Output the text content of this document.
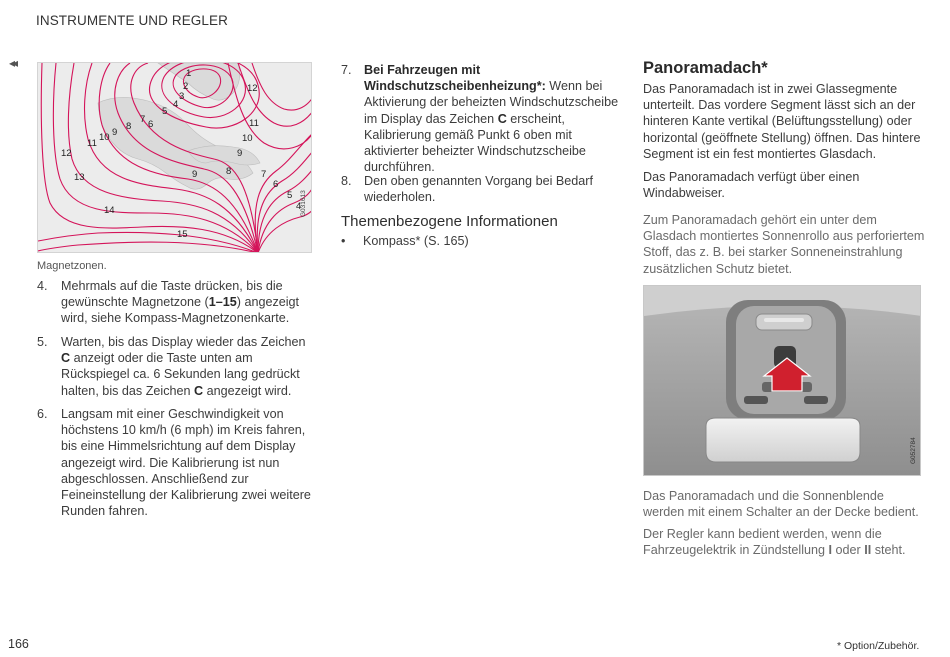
INSTRUMENTE UND REGLER
◂◂
1
2
3
4
5
6
7
8
9
10
11
12
11
10
9
12
13
14
15
9	8	7
6
5
4
G031613
Magnetzonen.
4.	Mehrmals auf die Taste drücken, bis die gewünschte Magnetzone (1–15) angezeigt wird, siehe Kompass-Magnetzonenkarte.
5.	Warten, bis das Display wieder das Zeichen C anzeigt oder die Taste unten am Rückspiegel ca. 6 Sekunden lang gedrückt halten, bis das Zeichen C angezeigt wird.
6.	Langsam mit einer Geschwindigkeit von höchstens 10 km/h (6 mph) im Kreis fahren, bis eine Himmelsrichtung auf dem Display angezeigt wird. Die Kalibrierung ist nun abgeschlossen. Anschließend zur Feineinstellung der Kalibrierung zwei weitere Runden fahren.
7. Bei Fahrzeugen mit Windschutzscheibenheizung*: Wenn bei Aktivierung der beheizten Windschutzscheibe im Display das Zeichen C erscheint, Kalibrierung gemäß Punkt 6 oben mit aktivierter beheizter Windschutzscheibe durchführen.
8. Den oben genannten Vorgang bei Bedarf wiederholen.
Themenbezogene Informationen
• Kompass* (S. 165)
Panoramadach*
Das Panoramadach ist in zwei Glassegmente unterteilt. Das vordere Segment lässt sich an der hinteren Kante vertikal (Belüftungsstellung) oder horizontal (geöffnete Stellung) öffnen. Das hintere Segment ist ein fest montiertes Glasdach.
Das Panoramadach verfügt über einen Windabweiser.
Zum Panoramadach gehört ein unter dem Glasdach montiertes Sonnenrollo aus perforiertem Stoff, das z. B. bei starker Sonneneinstrahlung zusätzlichen Schutz bietet.
G052784
Das Panoramadach und die Sonnenblende werden mit einem Schalter an der Decke bedient.
Der Regler kann bedient werden, wenn die Fahrzeugelektrik in Zündstellung I oder II steht.
166	* Option/Zubehör.
